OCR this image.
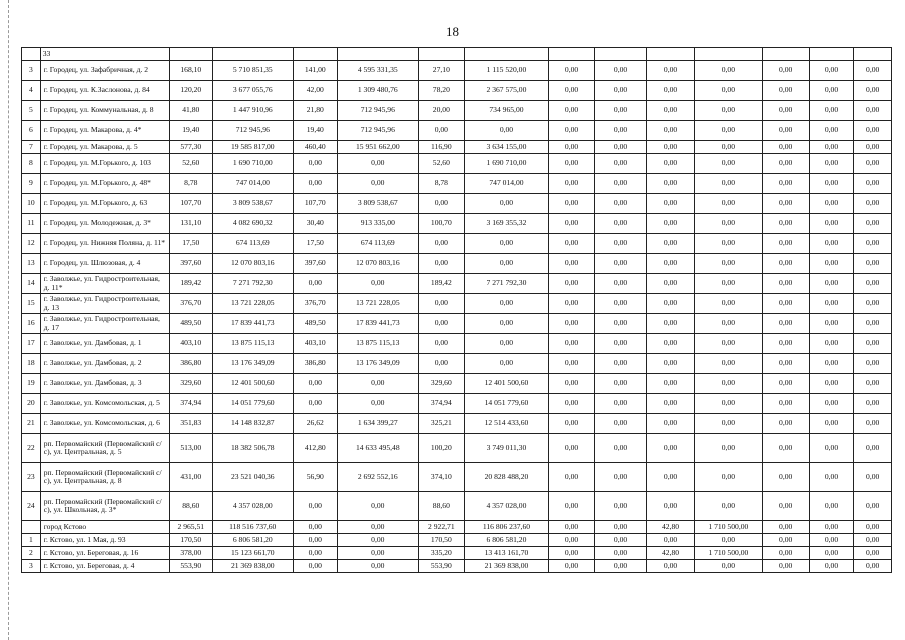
18
	33													
3	г. Городец, ул. Зафабричная, д. 2	168,10	5 710 851,35	141,00	4 595 331,35	27,10	1 115 520,00	0,00	0,00	0,00	0,00	0,00	0,00	0,00
4	г. Городец, ул. К.Заслонова, д. 84	120,20	3 677 055,76	42,00	1 309 480,76	78,20	2 367 575,00	0,00	0,00	0,00	0,00	0,00	0,00	0,00
5	г. Городец, ул. Коммунальная, д. 8	41,80	1 447 910,96	21,80	712 945,96	20,00	734 965,00	0,00	0,00	0,00	0,00	0,00	0,00	0,00
6	г. Городец, ул. Макарова, д. 4*	19,40	712 945,96	19,40	712 945,96	0,00	0,00	0,00	0,00	0,00	0,00	0,00	0,00	0,00
7	г. Городец, ул. Макарова, д. 5	577,30	19 585 817,00	460,40	15 951 662,00	116,90	3 634 155,00	0,00	0,00	0,00	0,00	0,00	0,00	0,00
8	г. Городец, ул. М.Горького, д. 103	52,60	1 690 710,00	0,00	0,00	52,60	1 690 710,00	0,00	0,00	0,00	0,00	0,00	0,00	0,00
9	г. Городец, ул. М.Горького, д. 48*	8,78	747 014,00	0,00	0,00	8,78	747 014,00	0,00	0,00	0,00	0,00	0,00	0,00	0,00
10	г. Городец, ул. М.Горького, д. 63	107,70	3 809 538,67	107,70	3 809 538,67	0,00	0,00	0,00	0,00	0,00	0,00	0,00	0,00	0,00
11	г. Городец, ул. Молодежная, д. 3*	131,10	4 082 690,32	30,40	913 335,00	100,70	3 169 355,32	0,00	0,00	0,00	0,00	0,00	0,00	0,00
12	г. Городец, ул. Нижняя Поляна, д. 11*	17,50	674 113,69	17,50	674 113,69	0,00	0,00	0,00	0,00	0,00	0,00	0,00	0,00	0,00
13	г. Городец, ул. Шлюзовая, д. 4	397,60	12 070 803,16	397,60	12 070 803,16	0,00	0,00	0,00	0,00	0,00	0,00	0,00	0,00	0,00
14	г. Заволжье, ул. Гидростроительная, д. 11*	189,42	7 271 792,30	0,00	0,00	189,42	7 271 792,30	0,00	0,00	0,00	0,00	0,00	0,00	0,00
15	г. Заволжье, ул. Гидростроительная, д. 13	376,70	13 721 228,05	376,70	13 721 228,05	0,00	0,00	0,00	0,00	0,00	0,00	0,00	0,00	0,00
16	г. Заволжье, ул. Гидростроительная, д. 17	489,50	17 839 441,73	489,50	17 839 441,73	0,00	0,00	0,00	0,00	0,00	0,00	0,00	0,00	0,00
17	г. Заволжье, ул. Дамбовая, д. 1	403,10	13 875 115,13	403,10	13 875 115,13	0,00	0,00	0,00	0,00	0,00	0,00	0,00	0,00	0,00
18	г. Заволжье, ул. Дамбовая, д. 2	386,80	13 176 349,09	386,80	13 176 349,09	0,00	0,00	0,00	0,00	0,00	0,00	0,00	0,00	0,00
19	г. Заволжье, ул. Дамбовая, д. 3	329,60	12 401 500,60	0,00	0,00	329,60	12 401 500,60	0,00	0,00	0,00	0,00	0,00	0,00	0,00
20	г. Заволжье, ул. Комсомольская, д. 5	374,94	14 051 779,60	0,00	0,00	374,94	14 051 779,60	0,00	0,00	0,00	0,00	0,00	0,00	0,00
21	г. Заволжье, ул. Комсомольская, д. 6	351,83	14 148 832,87	26,62	1 634 399,27	325,21	12 514 433,60	0,00	0,00	0,00	0,00	0,00	0,00	0,00
22	рп. Первомайский (Первомайский с/с), ул. Центральная, д. 5	513,00	18 382 506,78	412,80	14 633 495,48	100,20	3 749 011,30	0,00	0,00	0,00	0,00	0,00	0,00	0,00
23	рп. Первомайский (Первомайский с/с), ул. Центральная, д. 8	431,00	23 521 040,36	56,90	2 692 552,16	374,10	20 828 488,20	0,00	0,00	0,00	0,00	0,00	0,00	0,00
24	рп. Первомайский (Первомайский с/с), ул. Школьная, д. 3*	88,60	4 357 028,00	0,00	0,00	88,60	4 357 028,00	0,00	0,00	0,00	0,00	0,00	0,00	0,00
	город Кстово	2 965,51	118 516 737,60	0,00	0,00	2 922,71	116 806 237,60	0,00	0,00	42,80	1 710 500,00	0,00	0,00	0,00
1	г. Кстово, ул. 1 Мая, д. 93	170,50	6 806 581,20	0,00	0,00	170,50	6 806 581,20	0,00	0,00	0,00	0,00	0,00	0,00	0,00
2	г. Кстово, ул. Береговая, д. 16	378,00	15 123 661,70	0,00	0,00	335,20	13 413 161,70	0,00	0,00	42,80	1 710 500,00	0,00	0,00	0,00
3	г. Кстово, ул. Береговая, д. 4	553,90	21 369 838,00	0,00	0,00	553,90	21 369 838,00	0,00	0,00	0,00	0,00	0,00	0,00	0,00
